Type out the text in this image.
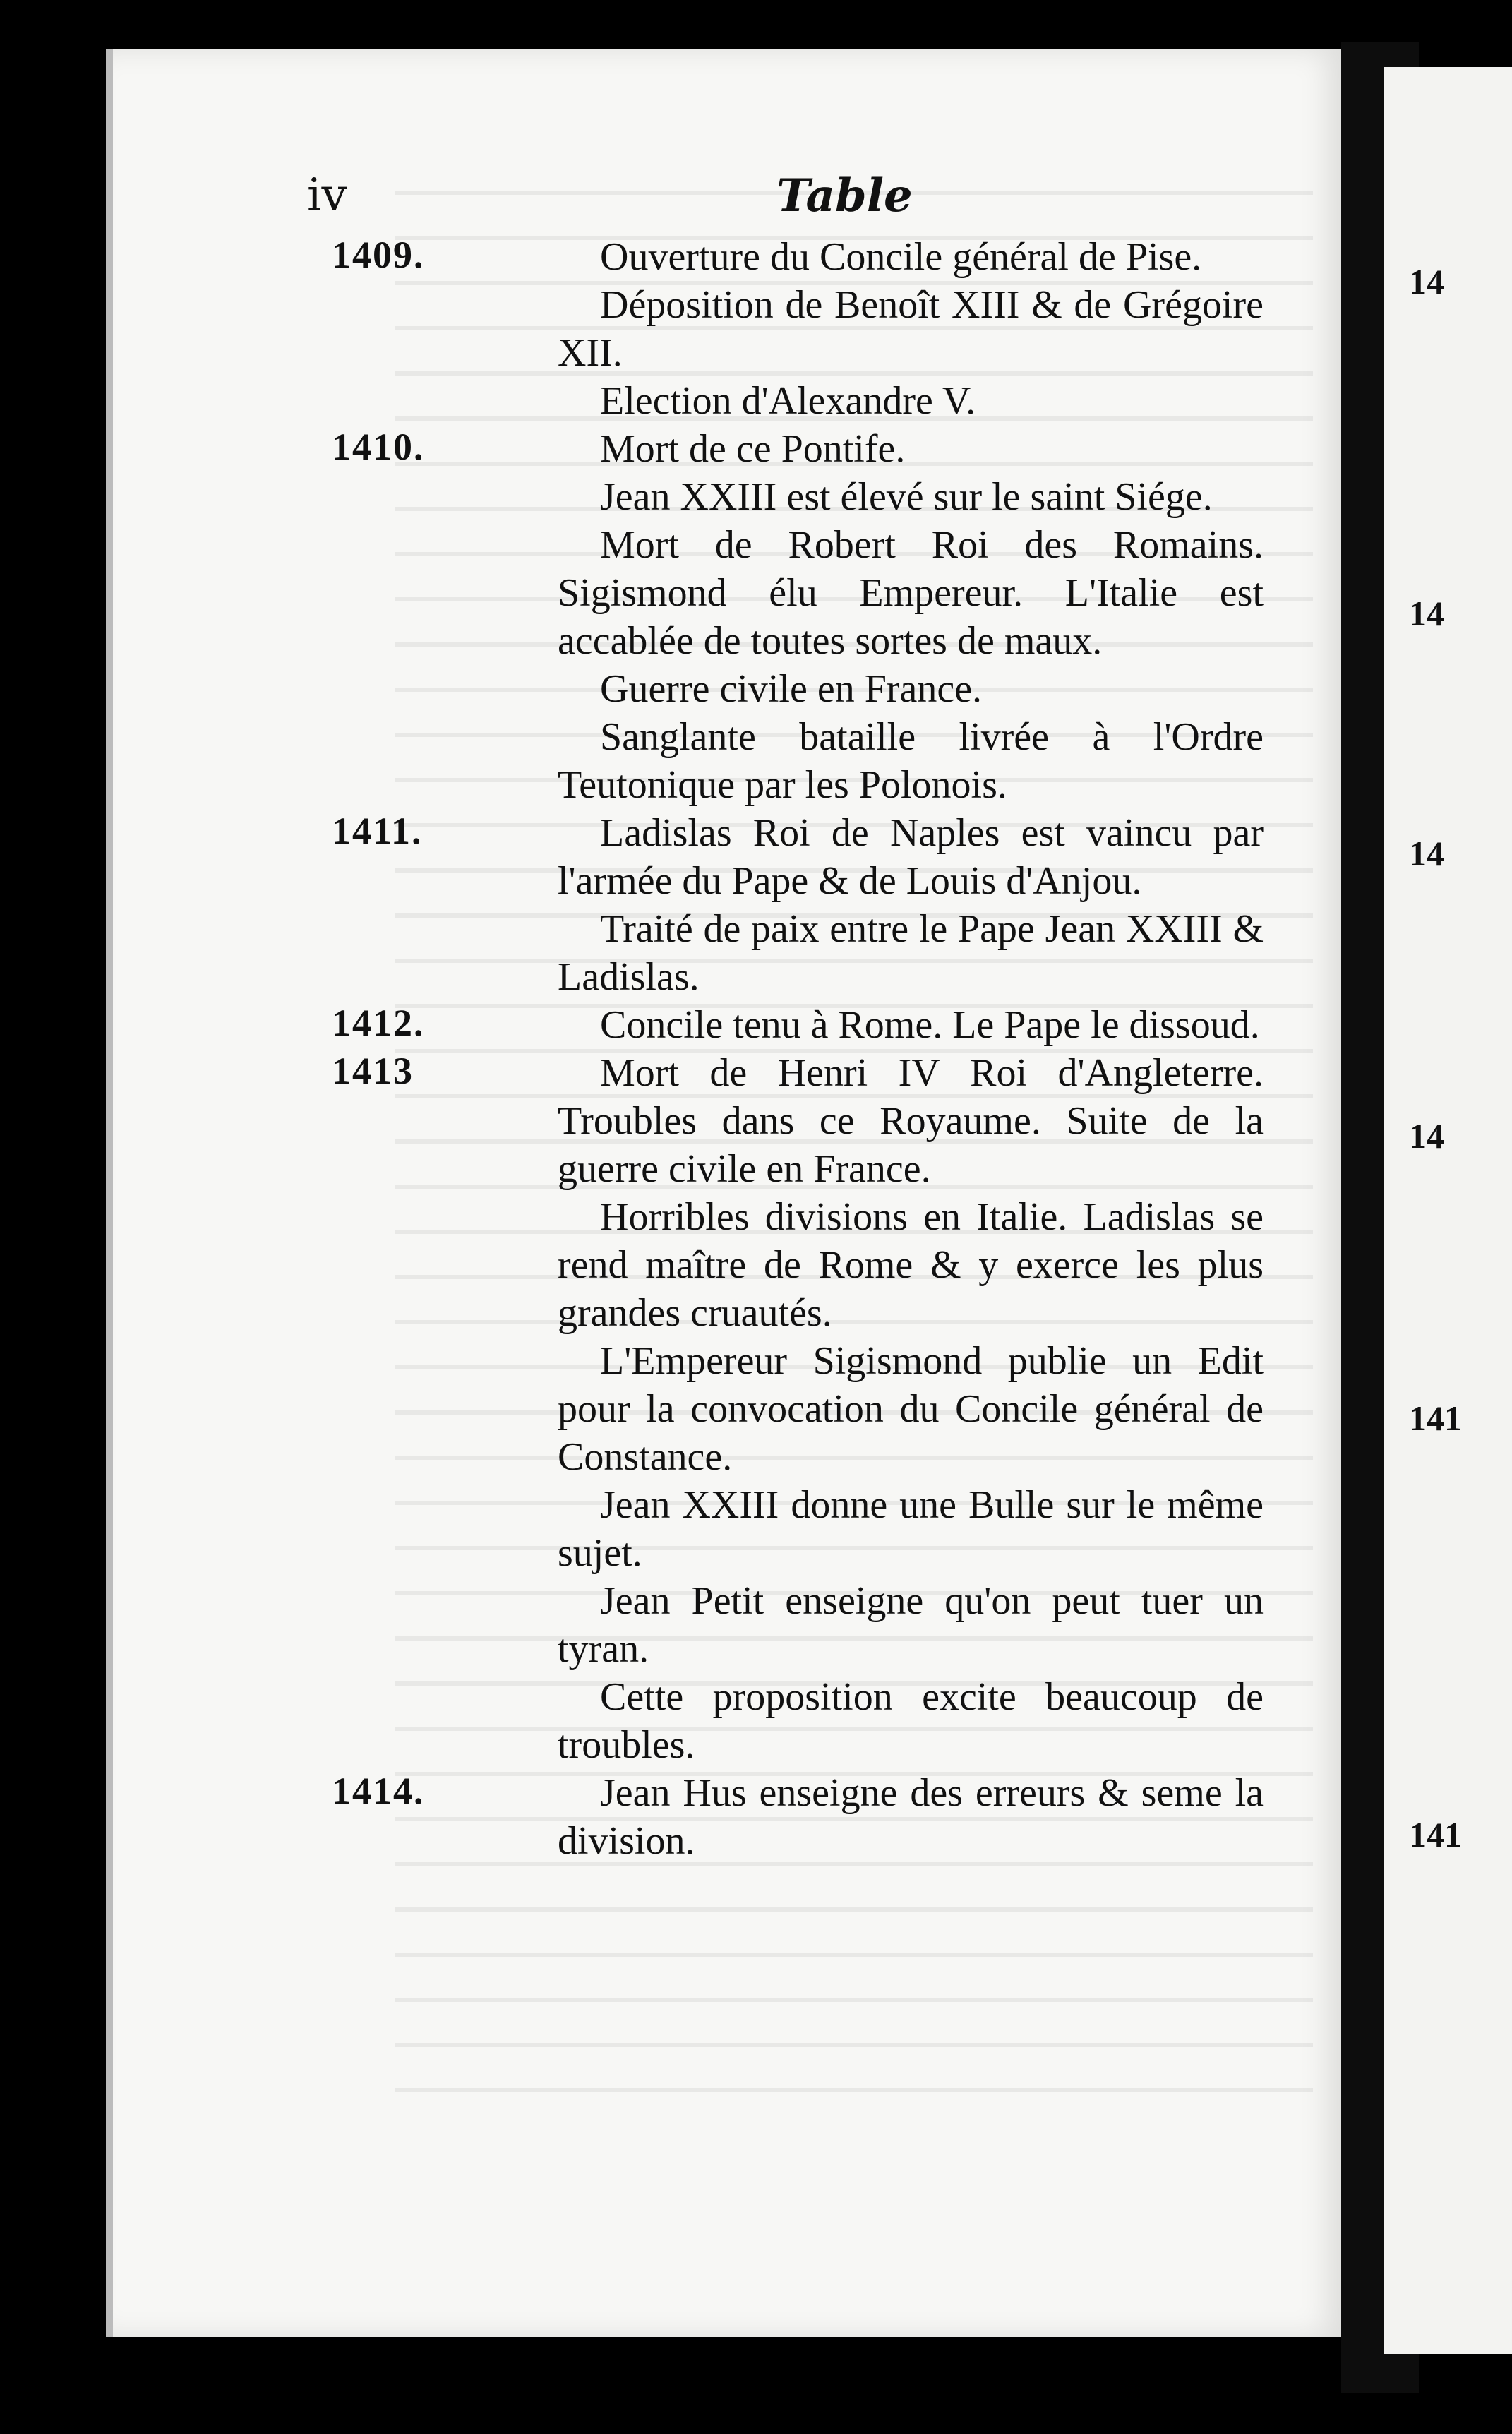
14
14
14
14
141
141
iv	Table
1409.	Ouverture du Concile général de Pise.
Déposition de Benoît XIII & de Grégoire XII.
Election d'Alexandre V.
1410.	Mort de ce Pontife.
Jean XXIII est élevé sur le saint Siége.
Mort de Robert Roi des Romains. Sigismond élu Empereur. L'Italie est accablée de toutes sortes de maux.
Guerre civile en France.
Sanglante bataille livrée à l'Ordre Teutonique par les Polonois.
1411.	Ladislas Roi de Naples est vaincu par l'armée du Pape & de Louis d'Anjou.
Traité de paix entre le Pape Jean XXIII & Ladislas.
1412.	Concile tenu à Rome. Le Pape le dissoud.
1413	Mort de Henri IV Roi d'Angleterre. Troubles dans ce Royaume. Suite de la guerre civile en France.
Horribles divisions en Italie. Ladislas se rend maître de Rome & y exerce les plus grandes cruautés.
L'Empereur Sigismond publie un Edit pour la convocation du Concile général de Constance.
Jean XXIII donne une Bulle sur le même sujet.
Jean Petit enseigne qu'on peut tuer un tyran.
Cette proposition excite beaucoup de troubles.
1414.	Jean Hus enseigne des erreurs & seme la division.
